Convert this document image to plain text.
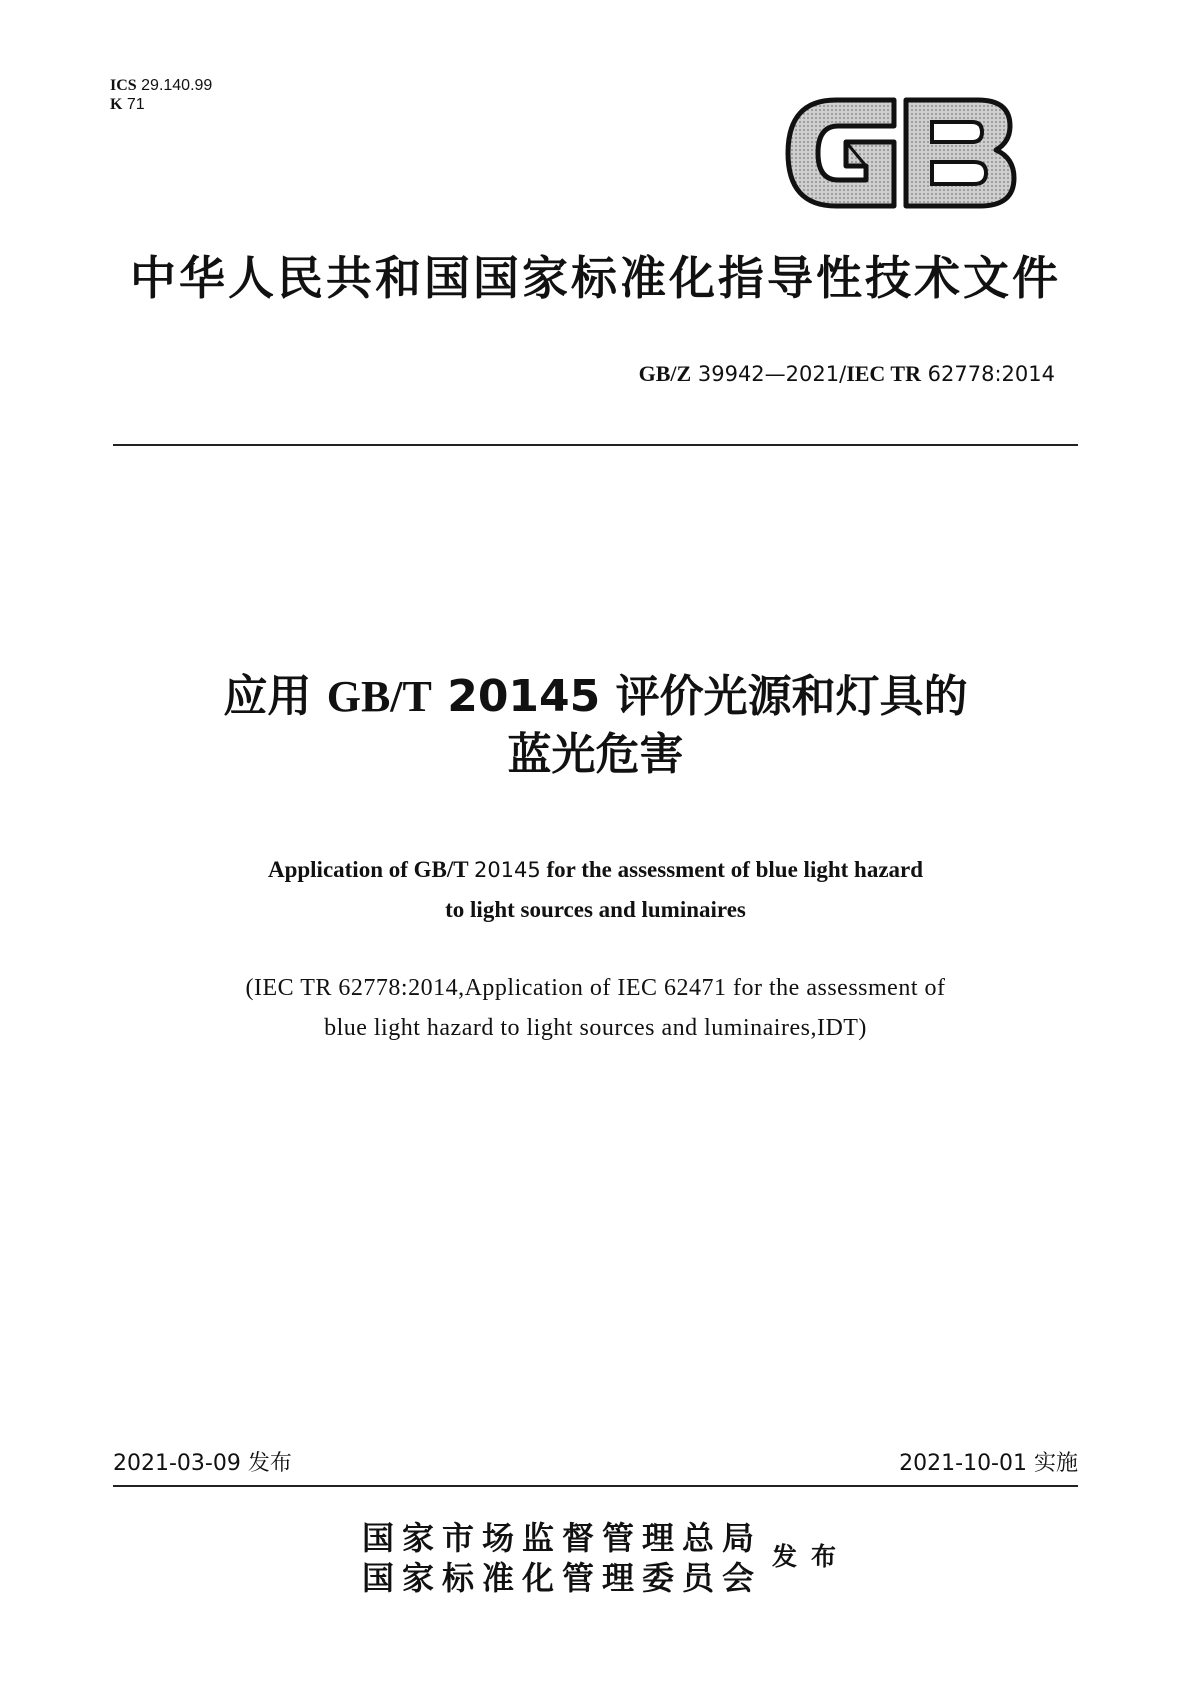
ICS 29.140.99
K 71
中华人民共和国国家标准化指导性技术文件
GB/Z 39942—2021/IEC TR 62778:2014
应用 GB/T 20145 评价光源和灯具的
蓝光危害
Application of GB/T 20145 for the assessment of blue light hazard
to light sources and luminaires
(IEC TR 62778:2014,Application of IEC 62471 for the assessment of
blue light hazard to light sources and luminaires,IDT)
2021-03-09 发布	2021-10-01 实施
国家市场监督管理总局
国家标准化管理委员会
发布
